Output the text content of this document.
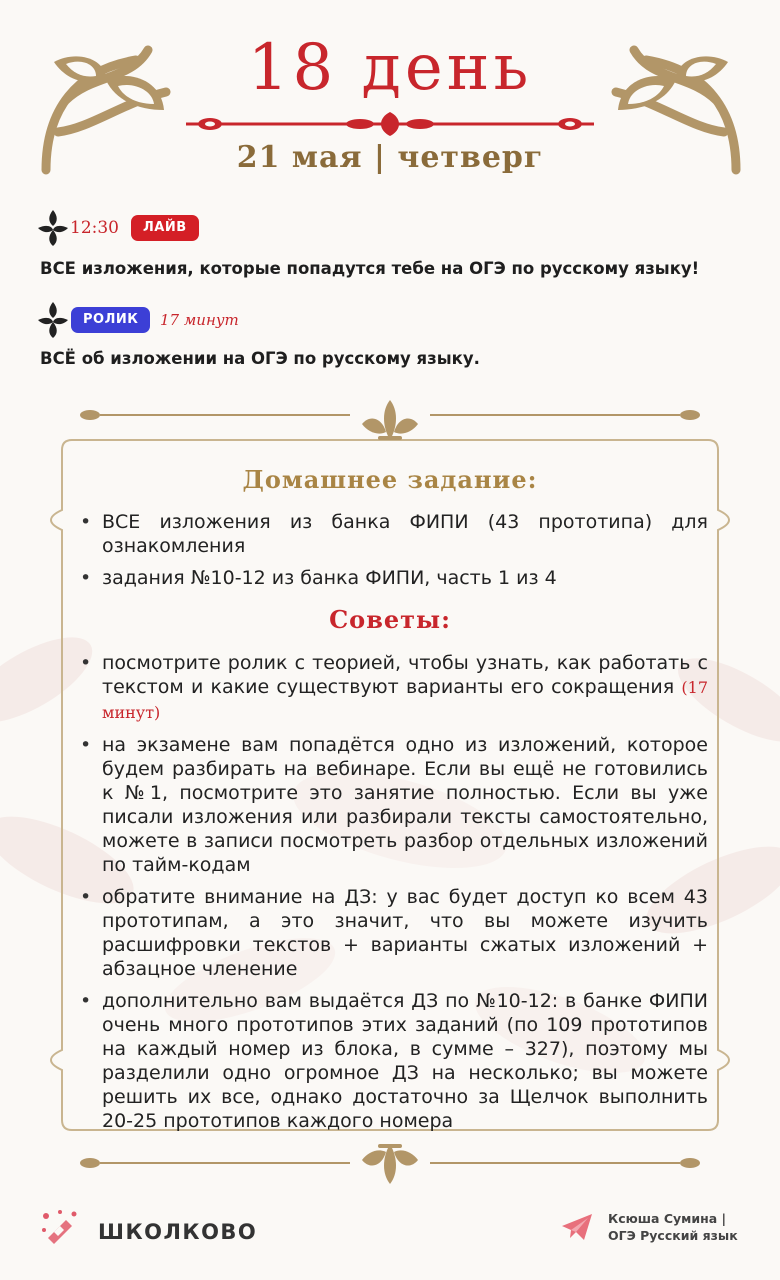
18 день
21 мая | четверг
12:30	ЛАЙВ
ВСЕ изложения, которые попадутся тебе на ОГЭ по русскому языку!
РОЛИК	17 минут
ВСЁ об изложении на ОГЭ по русскому языку.
Домашнее задание:
• ВСЕ изложения из банка ФИПИ (43 прототипа) для ознакомления
• задания №10-12 из банка ФИПИ, часть 1 из 4
Советы:
• посмотрите ролик с теорией, чтобы узнать, как работать с текстом и какие существуют варианты его сокращения (17 минут)
• на экзамене вам попадётся одно из изложений, которое будем разбирать на вебинаре. Если вы ещё не готовились к №1, посмотрите это занятие полностью. Если вы уже писали изложения или разбирали тексты самостоятельно, можете в записи посмотреть разбор отдельных изложений по тайм-кодам
• обратите внимание на ДЗ: у вас будет доступ ко всем 43 прототипам, а это значит, что вы можете изучить расшифровки текстов + варианты сжатых изложений + абзацное членение
• дополнительно вам выдаётся ДЗ по №10-12: в банке ФИПИ очень много прототипов этих заданий (по 109 прототипов на каждый номер из блока, в сумме – 327), поэтому мы разделили одно огромное ДЗ на несколько; вы можете решить их все, однако достаточно за Щелчок выполнить 20-25 прототипов каждого номера
ШКОЛКОВО
Ксюша Сумина |
ОГЭ Русский язык
